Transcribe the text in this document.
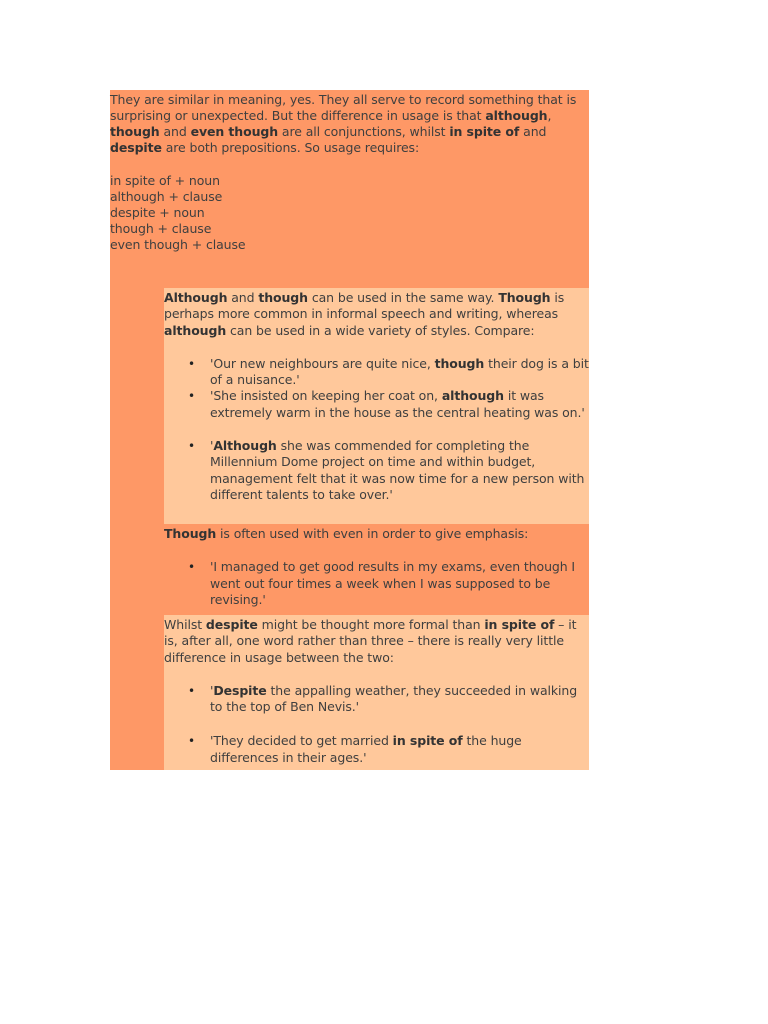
They are similar in meaning, yes. They all serve to record something that is surprising or unexpected. But the difference in usage is that although, though and even though are all conjunctions, whilst in spite of and despite are both prepositions. So usage requires:

in spite of + noun
although + clause
despite + noun
though + clause
even though + clause

Although and though can be used in the same way. Though is perhaps more common in informal speech and writing, whereas although can be used in a wide variety of styles. Compare:

• 'Our new neighbours are quite nice, though their dog is a bit of a nuisance.'
• 'She insisted on keeping her coat on, although it was extremely warm in the house as the central heating was on.'
• 'Although she was commended for completing the Millennium Dome project on time and within budget, management felt that it was now time for a new person with different talents to take over.'

Though is often used with even in order to give emphasis:

• 'I managed to get good results in my exams, even though I went out four times a week when I was supposed to be revising.'

Whilst despite might be thought more formal than in spite of – it is, after all, one word rather than three – there is really very little difference in usage between the two:

• 'Despite the appalling weather, they succeeded in walking to the top of Ben Nevis.'
• 'They decided to get married in spite of the huge differences in their ages.'
